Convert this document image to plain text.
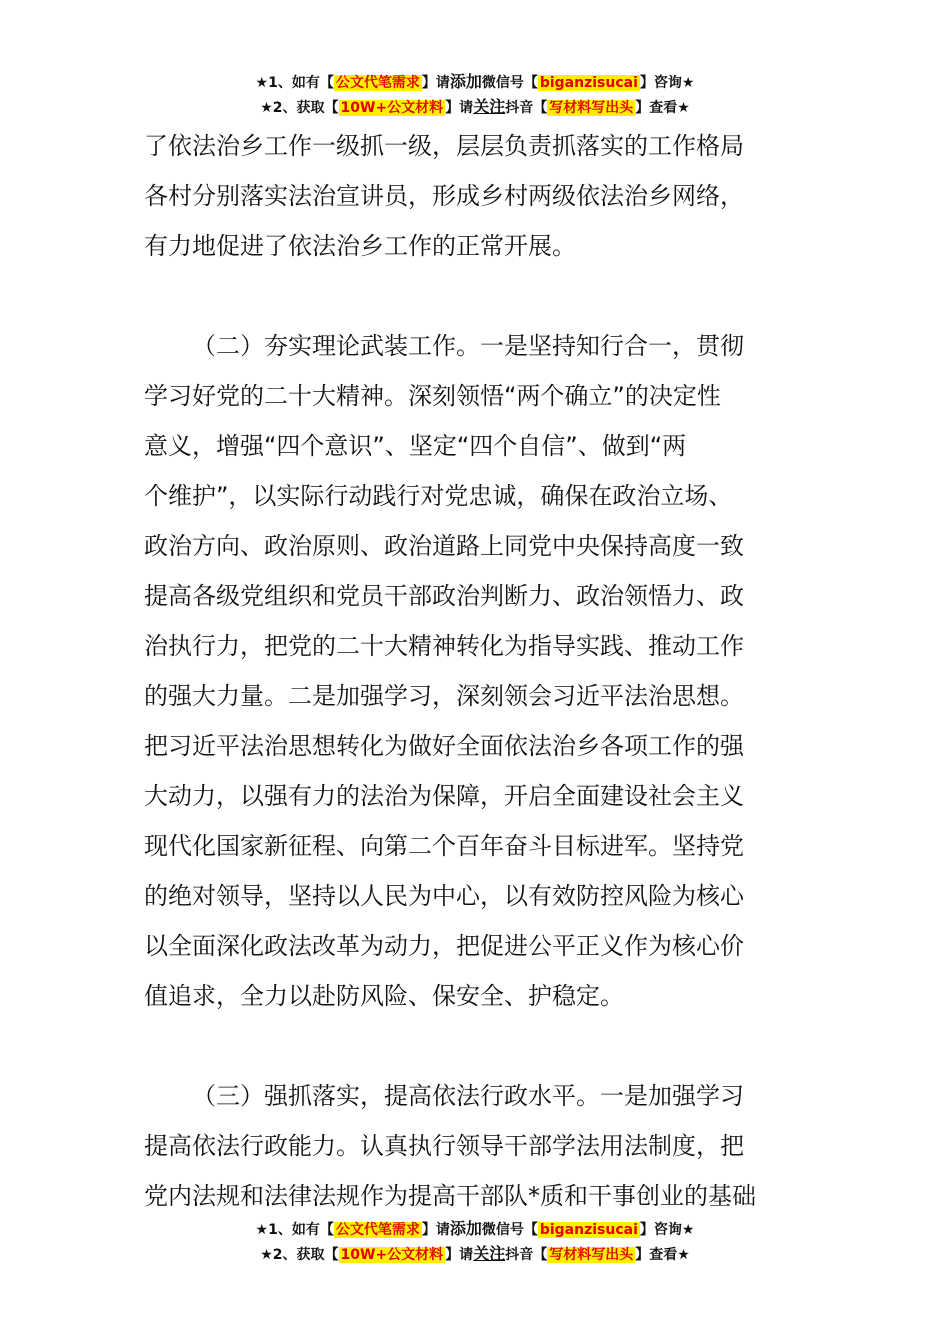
★1、如有【 公文代笔需求 】请添加微信号【 biganzisucai 】咨询★
★2、获取【 10W+公文材料 】请关注抖音【 写材料写出头 】查看★
了依法治乡工作一级抓一级，层层负责抓落实的工作格局
各村分别落实法治宣讲员，形成乡村两级依法治乡网络，
有力地促进了依法治乡工作的正常开展。
（二）夯实理论武装工作。一是坚持知行合一，贯彻
学习好党的二十大精神。深刻领悟“两个确立”的决定性
意义，增强“四个意识”、坚定“四个自信”、做到“两
个维护”，以实际行动践行对党忠诚，确保在政治立场、
政治方向、政治原则、政治道路上同党中央保持高度一致
提高各级党组织和党员干部政治判断力、政治领悟力、政
治执行力，把党的二十大精神转化为指导实践、推动工作
的强大力量。二是加强学习，深刻领会习近平法治思想。
把习近平法治思想转化为做好全面依法治乡各项工作的强
大动力，以强有力的法治为保障，开启全面建设社会主义
现代化国家新征程、向第二个百年奋斗目标进军。坚持党
的绝对领导，坚持以人民为中心，以有效防控风险为核心
以全面深化政法改革为动力，把促进公平正义作为核心价
值追求，全力以赴防风险、保安全、护稳定。
（三）强抓落实，提高依法行政水平。一是加强学习
提高依法行政能力。认真执行领导干部学法用法制度，把
党内法规和法律法规作为提高干部队*质和干事创业的基础
★1、如有【 公文代笔需求 】请添加微信号【 biganzisucai 】咨询★
★2、获取【 10W+公文材料 】请关注抖音【 写材料写出头 】查看★
